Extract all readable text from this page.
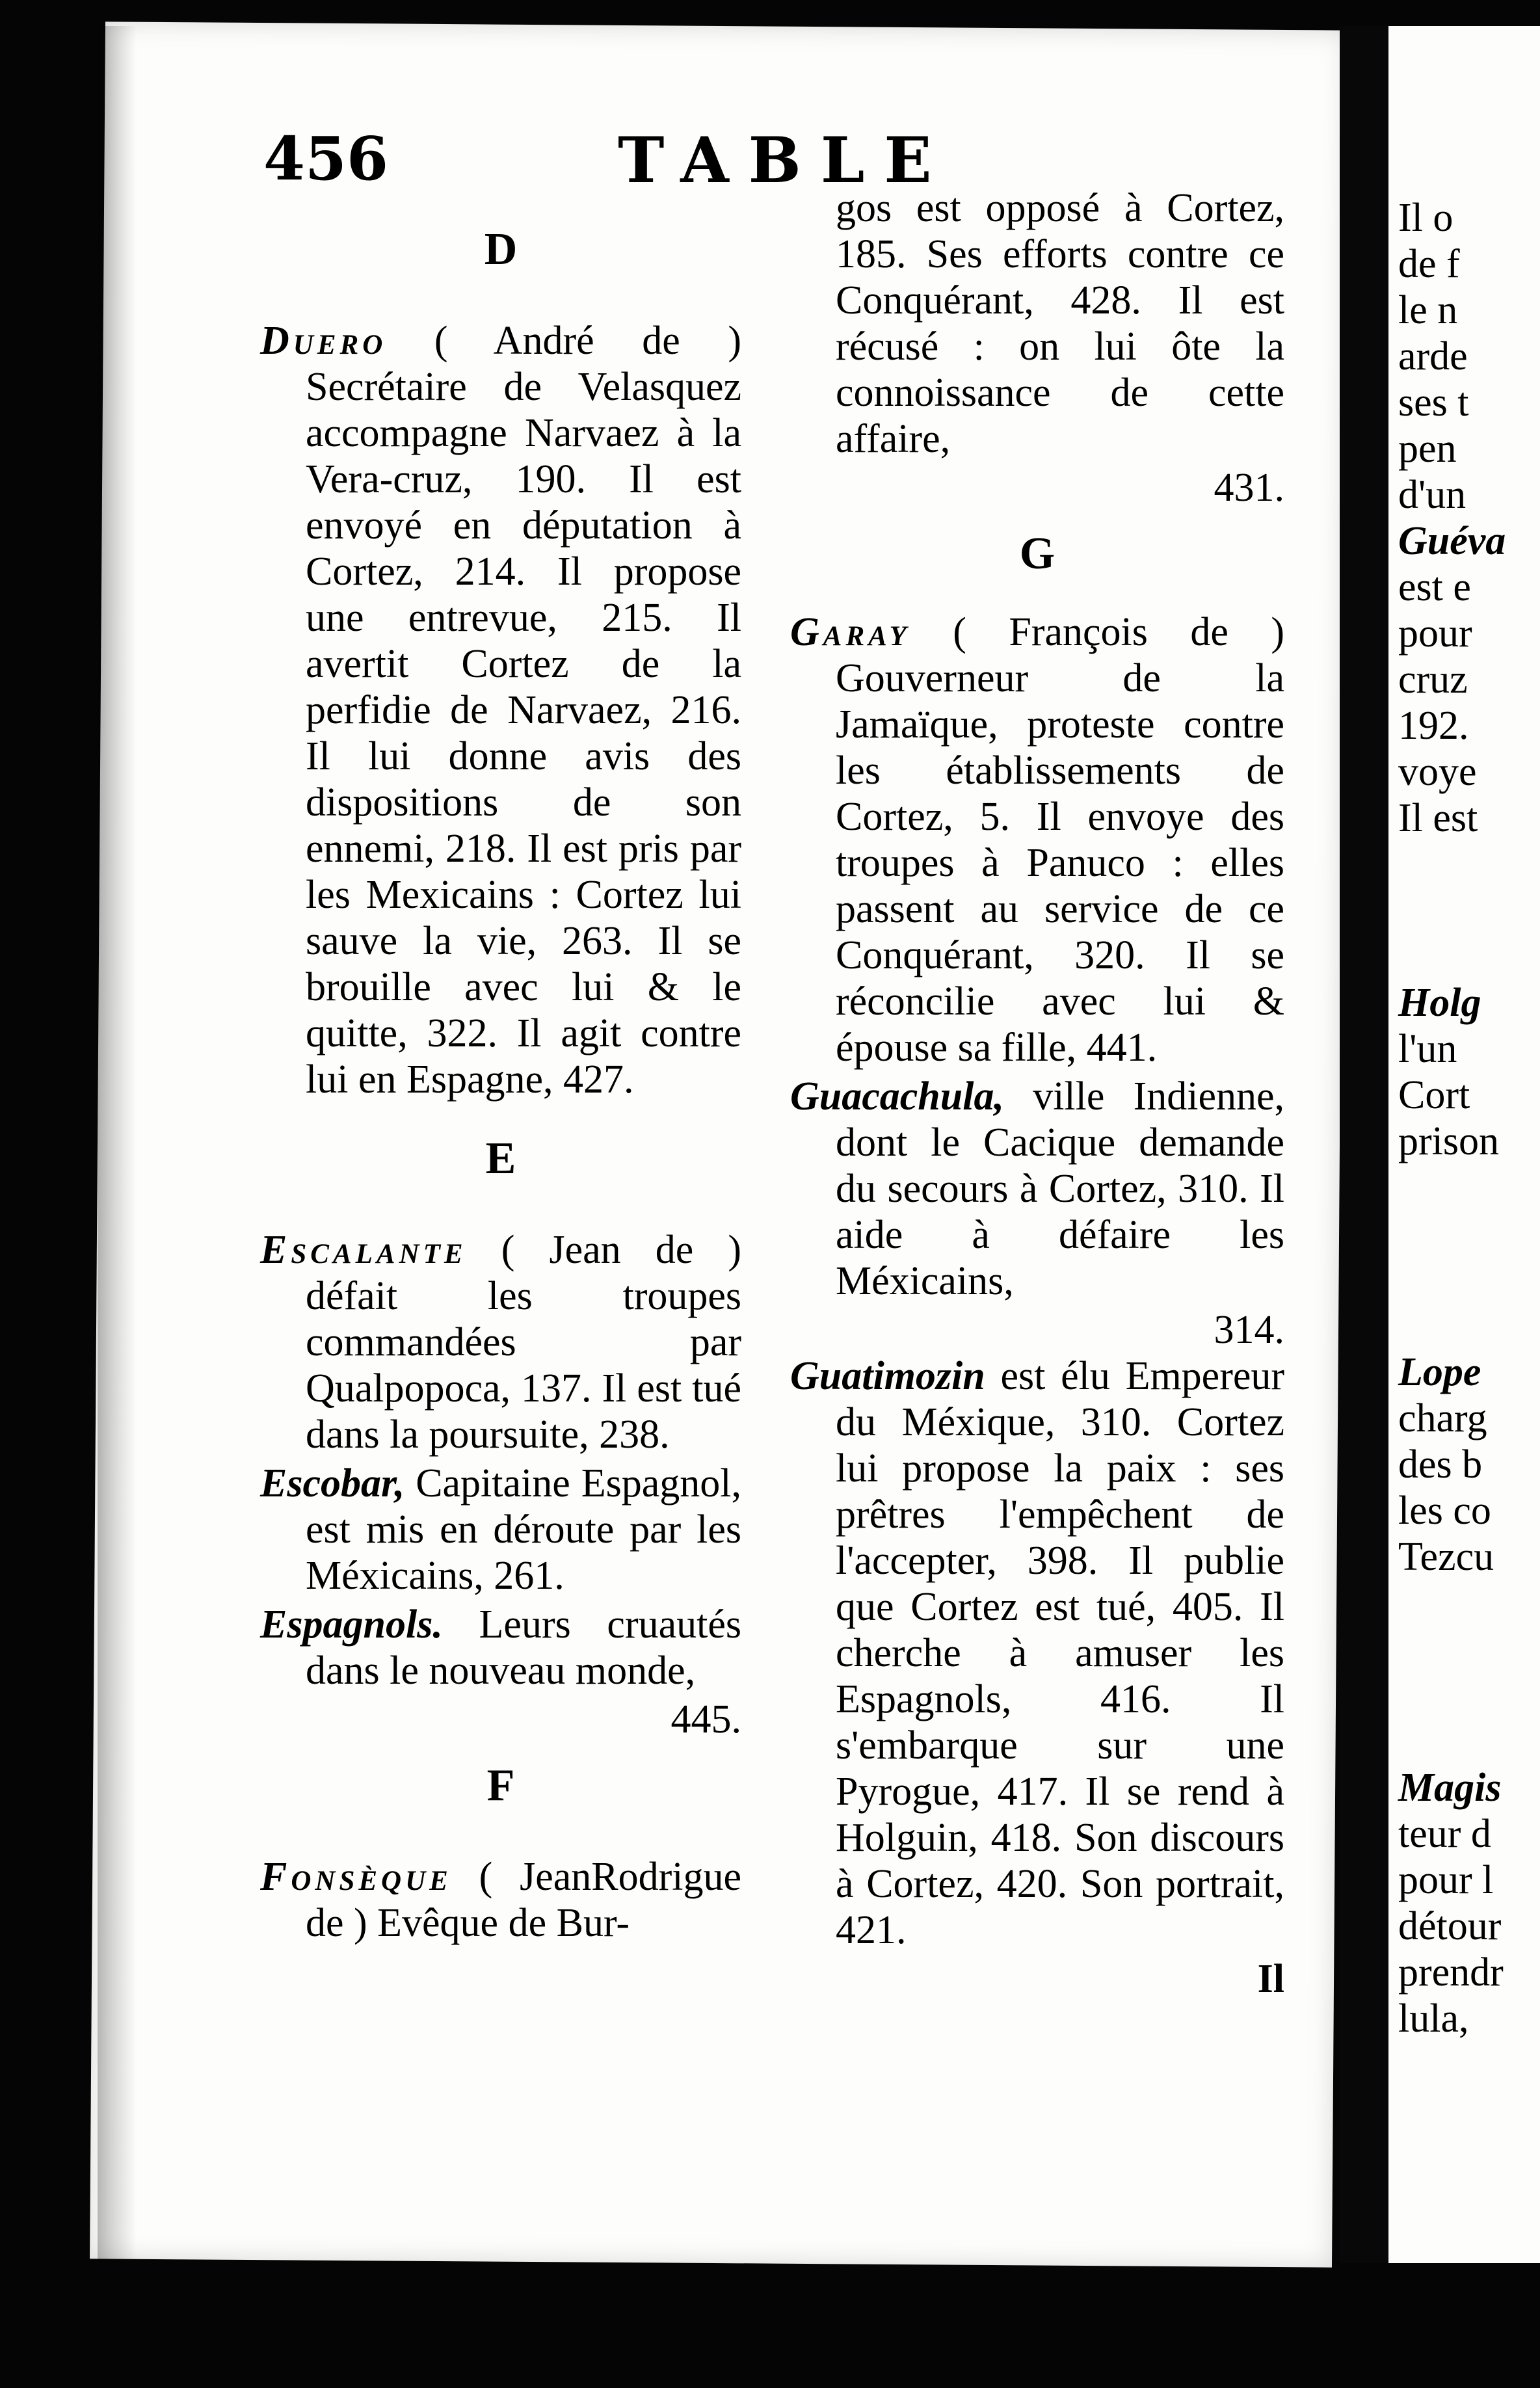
456	TABLE
D
Duero ( André de ) Secrétaire de Velasquez accompagne Narvaez à la Vera-cruz, 190. Il est envoyé en députation à Cortez, 214. Il propose une entrevue, 215. Il avertit Cortez de la perfidie de Narvaez, 216. Il lui donne avis des dispositions de son ennemi, 218. Il est pris par les Mexicains : Cortez lui sauve la vie, 263. Il se brouille avec lui & le quitte, 322. Il agit contre lui en Espagne, 427.
E
Escalante ( Jean de ) défait les troupes commandées par Qualpopoca, 137. Il est tué dans la poursuite, 238.
Escobar, Capitaine Espagnol, est mis en déroute par les Méxicains, 261.
Espagnols. Leurs cruautés dans le nouveau monde,
445.
F
Fonsèque ( JeanRodrigue de ) Evêque de Bur-
gos est opposé à Cortez, 185. Ses efforts contre ce Conquérant, 428. Il est récusé : on lui ôte la connoissance de cette affaire,
431.
G
Garay ( François de ) Gouverneur de la Jamaïque, proteste contre les établissements de Cortez, 5. Il envoye des troupes à Panuco : elles passent au service de ce Conquérant, 320. Il se réconcilie avec lui & épouse sa fille, 441.
Guacachula, ville Indienne, dont le Cacique demande du secours à Cortez, 310. Il aide à défaire les Méxicains,
314.
Guatimozin est élu Empereur du Méxique, 310. Cortez lui propose la paix : ses prêtres l'empêchent de l'accepter, 398. Il publie que Cortez est tué, 405. Il cherche à amuser les Espagnols, 416. Il s'embarque sur une Pyrogue, 417. Il se rend à Holguin, 418. Son discours à Cortez, 420. Son portrait, 421.
Il
Il o
de f
le n
arde
ses t
pen
d'un
Guéva
est e
pour
cruz
192.
voye
Il est
Holg
l'un
Cort
prison
Lope
charg
des b
les co
Tezcu
Magis
teur d
pour l
détour
prendr
lula,
